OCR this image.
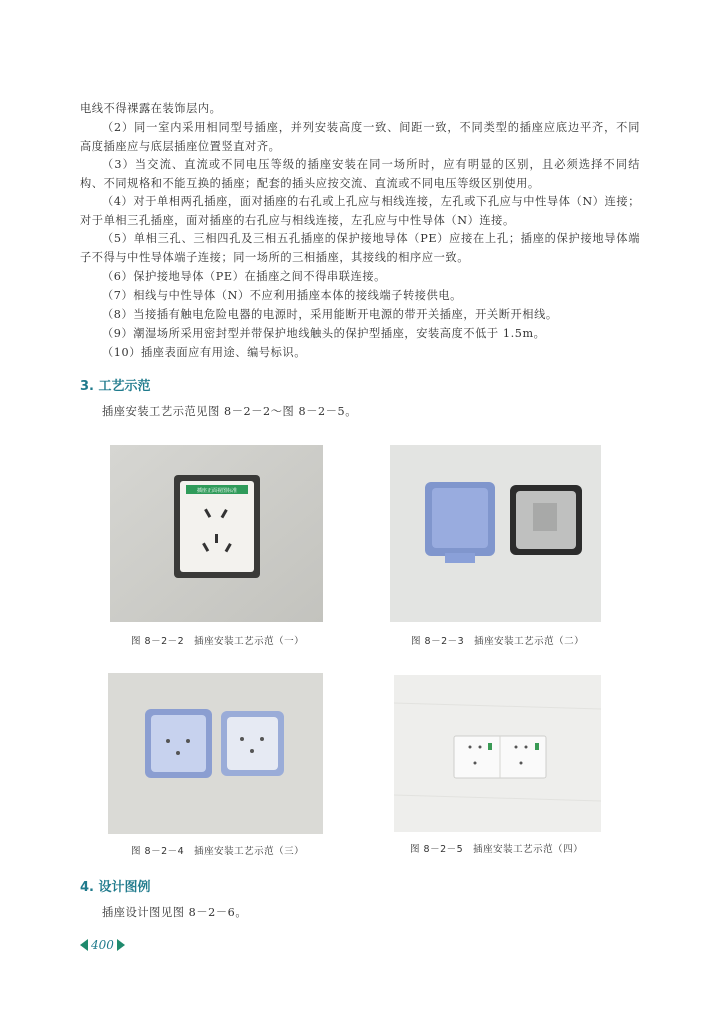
电线不得裸露在装饰层内。
（2）同一室内采用相同型号插座，并列安装高度一致、间距一致，不同类型的插座应底边平齐，不同高度插座应与底层插座位置竖直对齐。
（3）当交流、直流或不同电压等级的插座安装在同一场所时，应有明显的区别，且必须选择不同结构、不同规格和不能互换的插座；配套的插头应按交流、直流或不同电压等级区别使用。
（4）对于单相两孔插座，面对插座的右孔或上孔应与相线连接，左孔或下孔应与中性导体（N）连接；对于单相三孔插座，面对插座的右孔应与相线连接，左孔应与中性导体（N）连接。
（5）单相三孔、三相四孔及三相五孔插座的保护接地导体（PE）应接在上孔；插座的保护接地导体端子不得与中性导体端子连接；同一场所的三相插座，其接线的相序应一致。
（6）保护接地导体（PE）在插座之间不得串联连接。
（7）相线与中性导体（N）不应利用插座本体的接线端子转接供电。
（8）当接插有触电危险电器的电源时，采用能断开电源的带开关插座，开关断开相线。
（9）潮湿场所采用密封型并带保护地线触头的保护型插座，安装高度不低于 1.5m。
（10）插座表面应有用途、编号标识。
3. 工艺示范
插座安装工艺示范见图 8－2－2～图 8－2－5。
插座正面视图标准
图 8－2－2　插座安装工艺示范（一）	图 8－2－3　插座安装工艺示范（二）
图 8－2－4　插座安装工艺示范（三）	图 8－2－5　插座安装工艺示范（四）
4. 设计图例
插座设计图见图 8－2－6。
400
